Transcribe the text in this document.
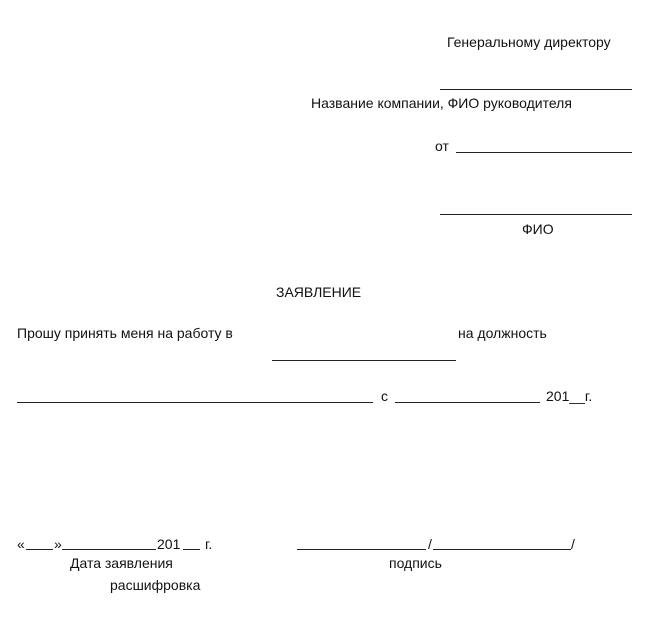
Генеральному директору
Название компании, ФИО руководителя
от
ФИО
ЗАЯВЛЕНИЕ
Прошу принять меня на работу в	на должность
с	201__г.
« »	201 г.
Дата заявления
/	/
подпись
расшифровка
